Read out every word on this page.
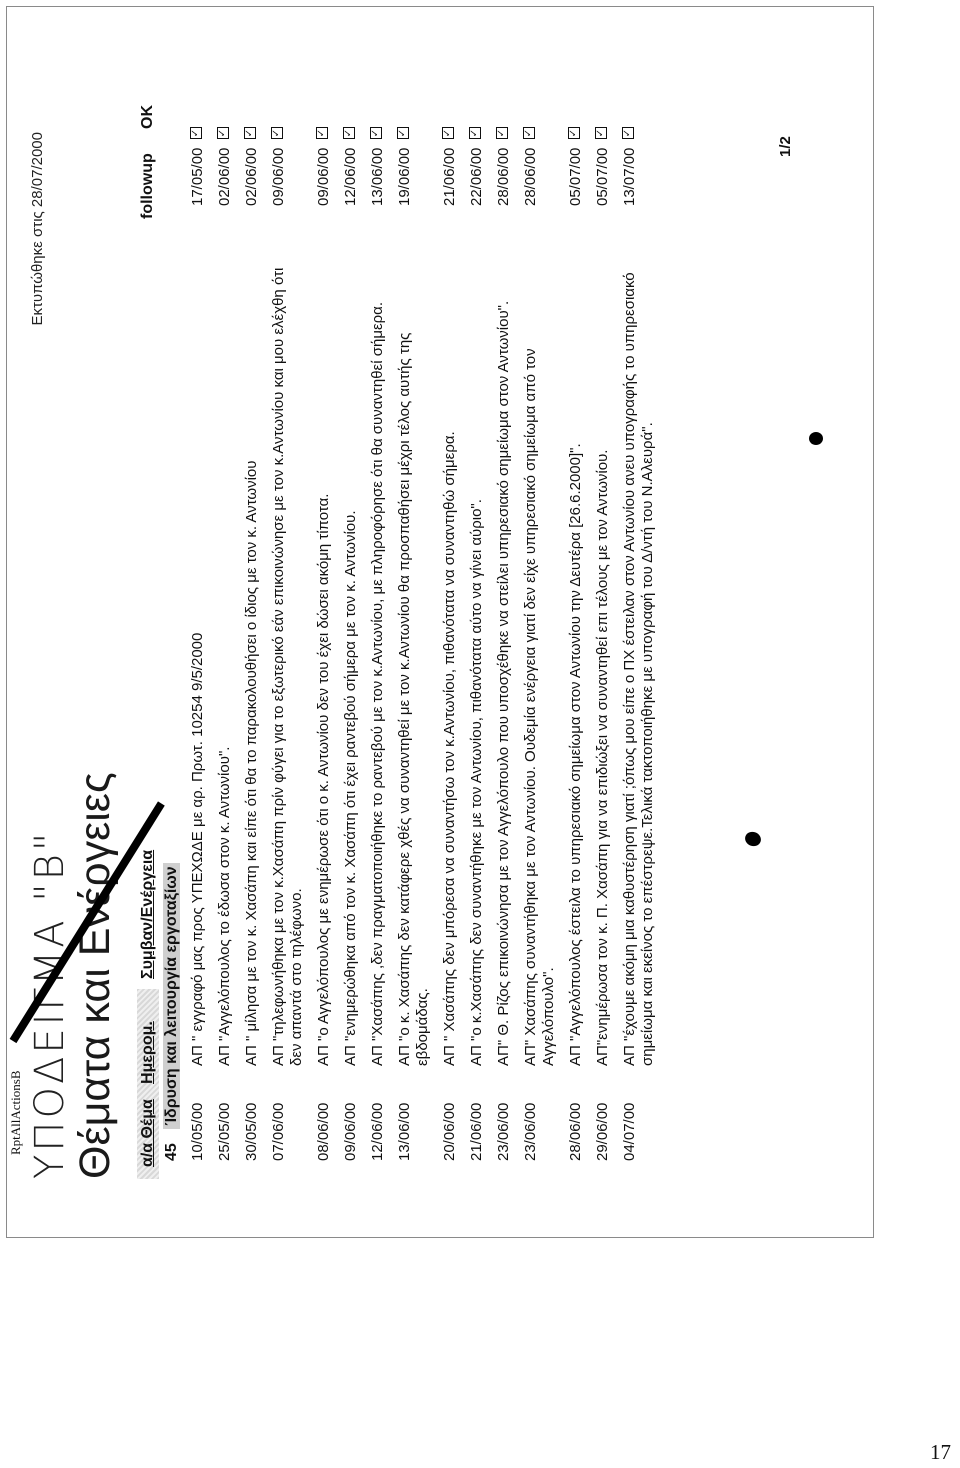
ΥΠΟΔΕΙΓΜΑ "Β"
Εκτυπώθηκε στις 28/07/2000
Θέματα και Ενέργειες α/α Θέμα
Ημερομ.
Συμβαν/Ενέργεια
followup
OK
45 Ίδρυση και λειτουργία εργοταξίων
10/05/00
ΑΠ " εγγραφό μας προς ΥΠΕΧΩΔΕ με αρ. Πρωτ. 10254 9/5/2000
17/05/00
✓
25/05/00
ΑΠ "Αγγελόπουλος το έδωσα στον κ. Αντωνίου".
02/06/00
✓
30/05/00
ΑΠ " μίλησα με τον κ. Χασάπη και είπε ότι θα το παρακολουθήσει ο ίδιος με τον κ. Αντωνίου
02/06/00
✓
07/06/00
ΑΠ "τηλεφωνήθηκα με τον κ.Χασάπη πρίν φύγει για το εξωτερικό εάν επικοινώνησε με τον κ.Αντωνίου και μου ελέχθη ότι δεν απαντά στο τηλέφωνο.
09/06/00
✓
08/06/00
ΑΠ "ο Αγγελόπουλος με ενημέρωσε ότι ο κ. Αντωνίου δεν του έχει δώσει ακόμη τίποτα.
09/06/00
✓
09/06/00
ΑΠ "ενημερώθηκα από τον κ. Χασάπη ότι έχει ραντεβού σήμερα με τον κ. Αντωνίου.
12/06/00
✓
12/06/00
ΑΠ "Χασάπης ,δεν πραγματοποιήθηκε το ραντεβού με τον κ.Αντωνίου, με πληροφόρησε ότι θα συναντηθεί σήμερα.
13/06/00
✓
13/06/00
ΑΠ "ο κ. Χασάπης δεν κατάφερε χθές να συναντηθεί με τον κ.Αντωνίου θα προσπαθήσει μέχρι τέλος αυτής της εβδομάδας.
19/06/00
✓
20/06/00
ΑΠ " Χασάπης δεν μπόρεσα να συναντήσω τον κ.Αντωνίου, πιθανότατα να συναντηθώ σήμερα.
21/06/00
✓
21/06/00
ΑΠ "ο κ.Χασάπης δεν συναντήθηκε με τον Αντωνίου, πιθανότατα αύτο να γίνει αύριο".
22/06/00
✓
23/06/00
ΑΠ" Θ. Ρίζος επικοινώνησα με τον Αγγελόπουλο που υποσχέθηκε να στείλει υπηρεσιακό σημείωμα στον Αντωνίου".
28/06/00
✓
23/06/00
ΑΠ" Χασάπης συναντήθηκα με τον Αντωνίου. Ουδεμία ενέργεια γιατί δεν είχε υπηρεσιακό σημείωμα από τον Αγγελόπουλο".
28/06/00
✓
28/06/00
ΑΠ "Αγγελόπουλος έστειλα το υπηρεσιακό σημείωμα στον Αντωνίου την Δευτέρα [26.6.2000]".
05/07/00
✓
29/06/00
ΑΠ"ενημέρωσα τον κ. Π. Χασάπη για να επιδιώξει να συναντηθεί επι τέλους με τον Αντωνίου.
05/07/00
✓
04/07/00
ΑΠ "έχουμε ακόμη μια καθυστέρηση γιατί ;όπως μου είπε ο ΠΧ έστειλαν στον Αντωνίου ανευ υπογραφής το υπηρεσιακό σημείωμα και εκείνος το επέστρεψε.Τελικά τακτοποιήθηκε με υπογραφή του Δ/ντή του Ν.Αλευρά".
13/07/00
✓
RptAllActionsB
1/2
17
